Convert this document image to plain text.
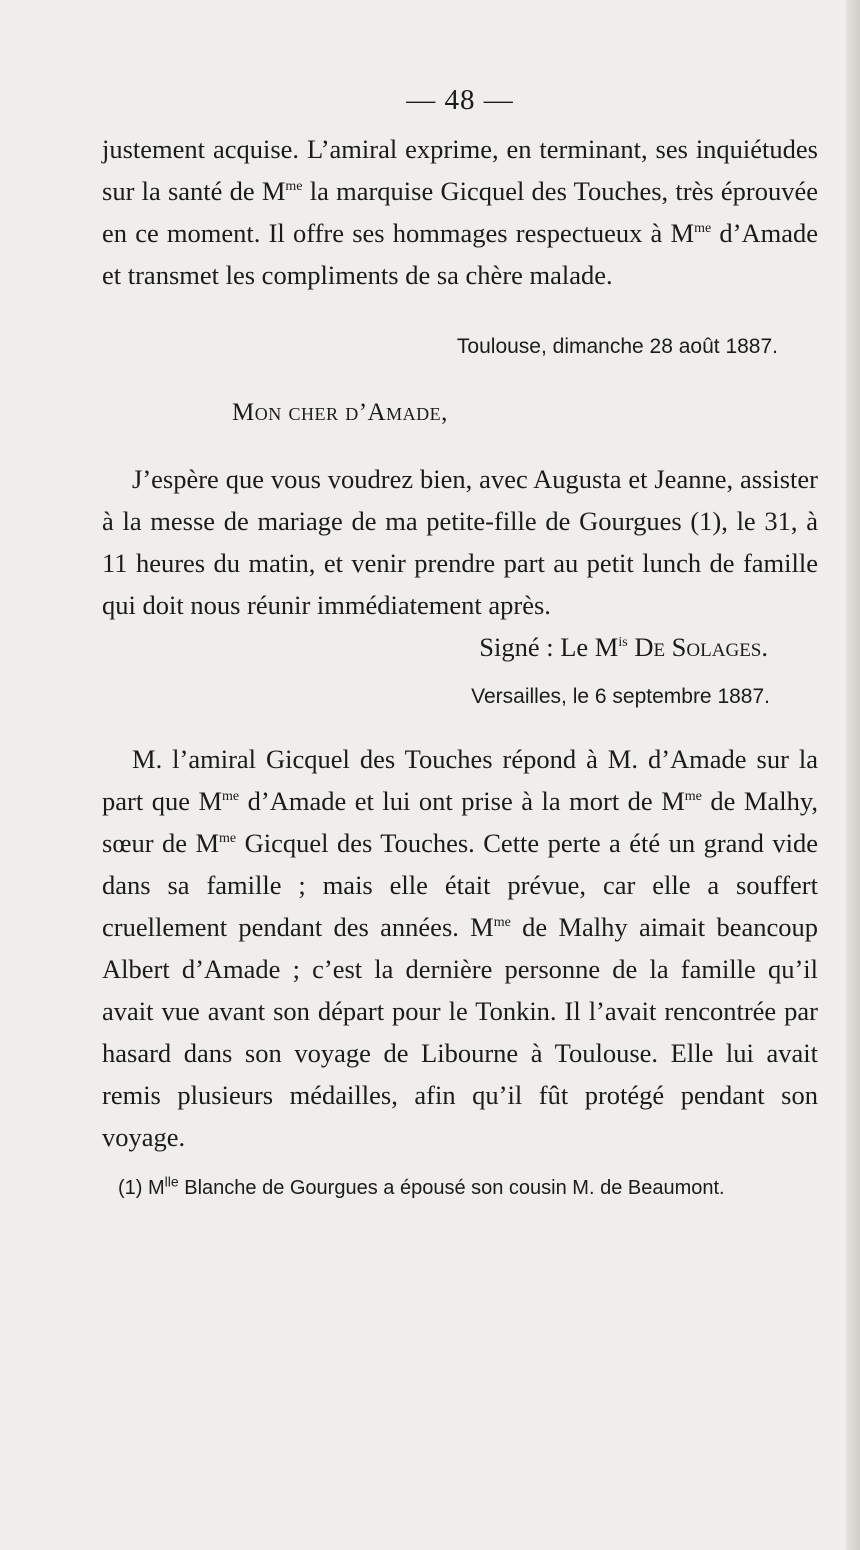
— 48 —

justement acquise. L’amiral exprime, en terminant, ses inquiétudes sur la santé de $M^{me}$ la marquise Gicquel des Touches, très éprouvée en ce moment. Il offre ses hommages respectueux à $M^{me}$ d’Amade et transmet les compliments de sa chère malade.

Toulouse, dimanche 28 août 1887.

Mon cher d’Amade,

J’espère que vous voudrez bien, avec Augusta et Jeanne, assister à la messe de mariage de ma petite-fille de Gourgues (1), le 31, à 11 heures du matin, et venir prendre part au petit lunch de famille qui doit nous réunir immédiatement après.

Signé : Le $M^{is}$ De Solages.

Versailles, le 6 septembre 1887.

M. l’amiral Gicquel des Touches répond à M. d’Amade sur la part que $M^{me}$ d’Amade et lui ont prise à la mort de $M^{me}$ de Malhy, sœur de $M^{me}$ Gicquel des Touches. Cette perte a été un grand vide dans sa famille ; mais elle était prévue, car elle a souffert cruellement pendant des années. $M^{me}$ de Malhy aimait beancoup Albert d’Amade ; c’est la dernière personne de la famille qu’il avait vue avant son départ pour le Tonkin. Il l’avait rencontrée par hasard dans son voyage de Libourne à Toulouse. Elle lui avait remis plusieurs médailles, afin qu’il fût protégé pendant son voyage.

(1) $M^{lle}$ Blanche de Gourgues a épousé son cousin M. de Beaumont.
